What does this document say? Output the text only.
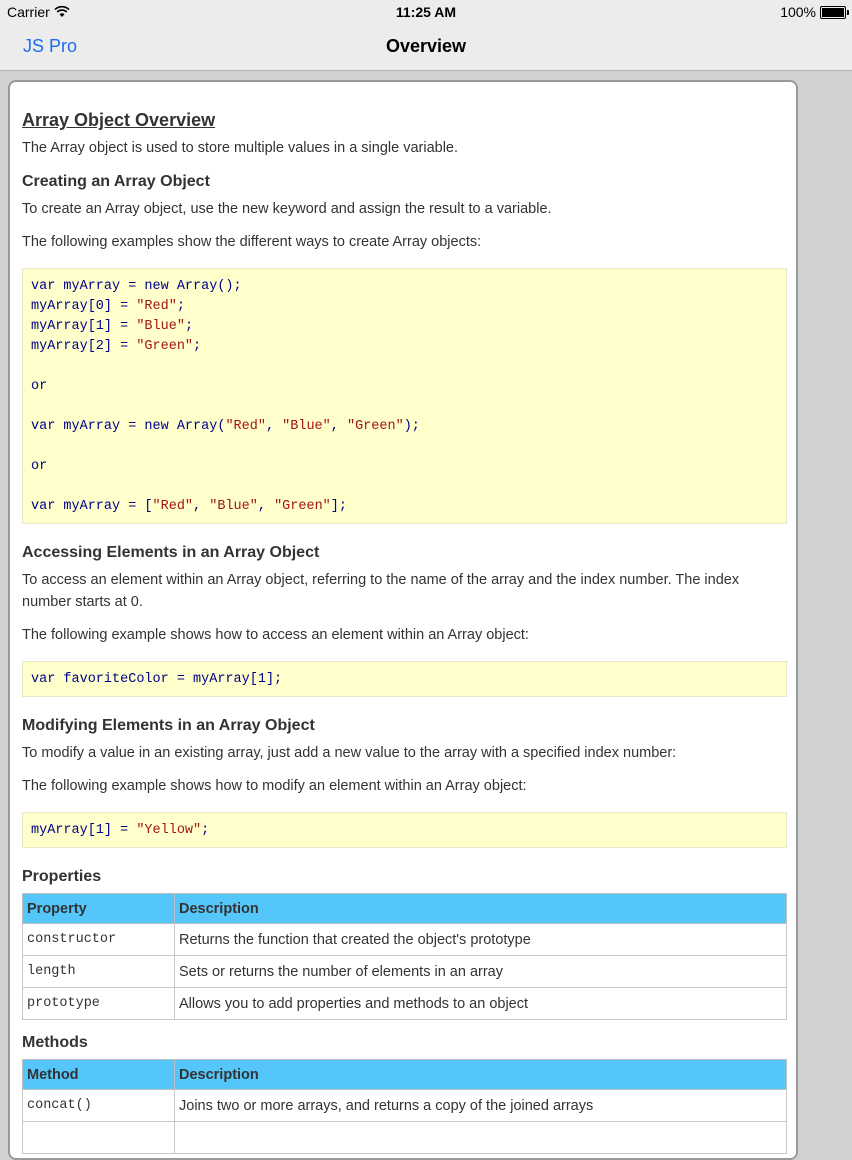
Carrier	11:25 AM	100%
JS Pro	Overview
Array Object Overview

The Array object is used to store multiple values in a single variable.

Creating an Array Object

To create an Array object, use the new keyword and assign the result to a variable.

The following examples show the different ways to create Array objects:

var myArray = new Array();
myArray[0] = "Red";
myArray[1] = "Blue";
myArray[2] = "Green";
or
var myArray = new Array("Red", "Blue", "Green");
or
var myArray = ["Red", "Blue", "Green"];
Accessing Elements in an Array Object

To access an element within an Array object, referring to the name of the array and the index number. The index number starts at 0.

The following example shows how to access an element within an Array object:

var favoriteColor = myArray[1];
Modifying Elements in an Array Object

To modify a value in an existing array, just add a new value to the array with a specified index number:

The following example shows how to modify an element within an Array object:

myArray[1] = "Yellow";
Properties
Property	Description
constructor	Returns the function that created the object's prototype
length	Sets or returns the number of elements in an array
prototype	Allows you to add properties and methods to an object
Methods
Method	Description
concat()	Joins two or more arrays, and returns a copy of the joined arrays
